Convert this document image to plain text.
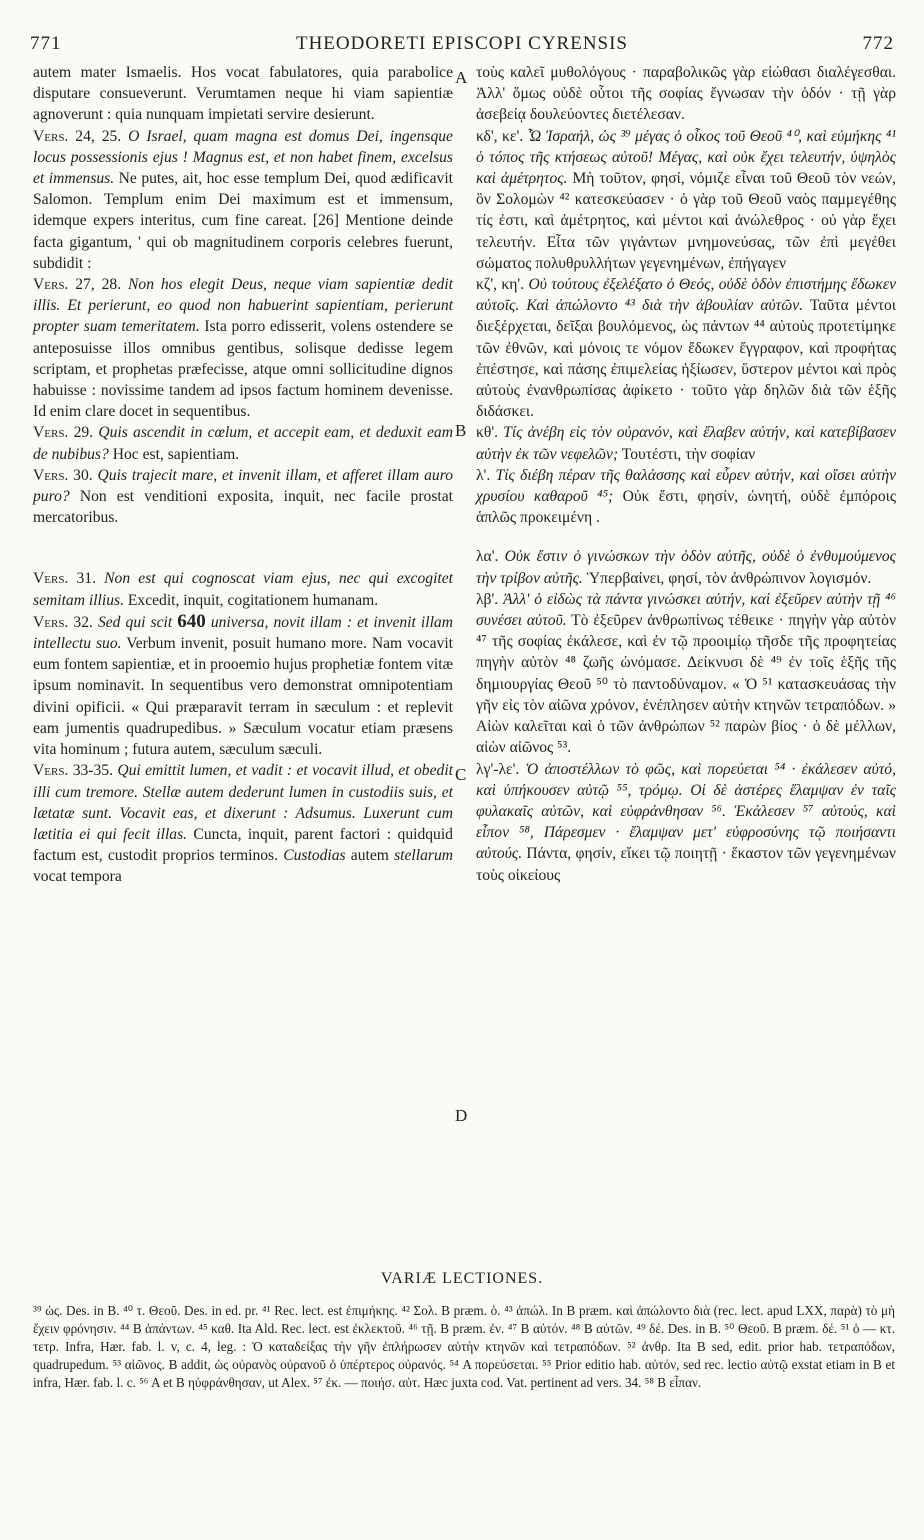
771	THEODORETI EPISCOPI CYRENSIS	772
A
B
C
D

autem mater Ismaelis. Hos vocat fabulatores, quia parabolice disputare consueverunt. Verumtamen neque hi viam sapientiæ agnoverunt : quia nunquam impietati servire desierunt.

Vers. 24, 25. O Israel, quam magna est domus Dei, ingensque locus possessionis ejus ! Magnus est, et non habet finem, excelsus et immensus. Ne putes, ait, hoc esse templum Dei, quod ædificavit Salomon. Templum enim Dei maximum est et immensum, idemque expers interitus, cum fine careat. [26] Mentione deinde facta gigantum, ' qui ob magnitudinem corporis celebres fuerunt, subdidit :

Vers. 27, 28. Non hos elegit Deus, neque viam sapientiæ dedit illis. Et perierunt, eo quod non habuerint sapientiam, perierunt propter suam temeritatem. Ista porro edisserit, volens ostendere se anteposuisse illos omnibus gentibus, solisque dedisse legem scriptam, et prophetas præfecisse, atque omni sollicitudine dignos habuisse : novissime tandem ad ipsos factum hominem devenisse. Id enim clare docet in sequentibus.

Vers. 29. Quis ascendit in cœlum, et accepit eam, et deduxit eam de nubibus? Hoc est, sapientiam.

Vers. 30. Quis trajecit mare, et invenit illam, et afferet illam auro puro? Non est venditioni exposita, inquit, nec facile prostat mercatoribus.

Vers. 31. Non est qui cognoscat viam ejus, nec qui excogitet semitam illius. Excedit, inquit, cogitationem humanam.

Vers. 32. Sed qui scit 640 universa, novit illam : et invenit illam intellectu suo. Verbum invenit, posuit humano more. Nam vocavit eum fontem sapientiæ, et in prooemio hujus prophetiæ fontem vitæ ipsum nominavit. In sequentibus vero demonstrat omnipotentiam divini opificii. « Qui præparavit terram in sæculum : et replevit eam jumentis quadrupedibus. » Sæculum vocatur etiam præsens vita hominum ; futura autem, sæculum sæculi.

Vers. 33-35. Qui emittit lumen, et vadit : et vocavit illud, et obedit illi cum tremore. Stellæ autem dederunt lumen in custodiis suis, et lætatæ sunt. Vocavit eas, et dixerunt : Adsumus. Luxerunt cum lætitia ei qui fecit illas. Cuncta, inquit, parent factori : quidquid factum est, custodit proprios terminos. Custodias autem stellarum vocat tempora

τοὺς καλεῖ μυθολόγους · παραβολικῶς γὰρ εἰώθασι διαλέγεσθαι. Ἀλλ' ὅμως οὐδὲ οὗτοι τῆς σοφίας ἔγνωσαν τὴν ὁδόν · τῇ γὰρ ἀσεβείᾳ δουλεύοντες διετέλεσαν.

κδ', κε'. Ὦ Ἰσραήλ, ὡς ³⁹ μέγας ὁ οἶκος τοῦ Θεοῦ ⁴⁰, καὶ εὐμήκης ⁴¹ ὁ τόπος τῆς κτήσεως αὐτοῦ! Μέγας, καὶ οὐκ ἔχει τελευτήν, ὑψηλὸς καὶ ἀμέτρητος. Μὴ τοῦτον, φησί, νόμιζε εἶναι τοῦ Θεοῦ τὸν νεών, ὃν Σολομὼν ⁴² κατεσκεύασεν · ὁ γὰρ τοῦ Θεοῦ ναὸς παμμεγέθης τίς ἐστι, καὶ ἀμέτρητος, καὶ μέντοι καὶ ἀνώλεθρος · οὐ γὰρ ἔχει τελευτήν. Εἶτα τῶν γιγάντων μνημονεύσας, τῶν ἐπὶ μεγέθει σώματος πολυθρυλλήτων γεγενημένων, ἐπήγαγεν

κζ', κη'. Οὐ τούτους ἐξελέξατο ὁ Θεός, οὐδὲ ὁδὸν ἐπιστήμης ἔδωκεν αὐτοῖς. Καὶ ἀπώλοντο ⁴³ διὰ τὴν ἀβουλίαν αὐτῶν. Ταῦτα μέντοι διεξέρχεται, δεῖξαι βουλόμενος, ὡς πάντων ⁴⁴ αὐτοὺς προτετίμηκε τῶν ἐθνῶν, καὶ μόνοις τε νόμον ἔδωκεν ἔγγραφον, καὶ προφήτας ἐπέστησε, καὶ πάσης ἐπιμελείας ἠξίωσεν, ὕστερον μέντοι καὶ πρὸς αὐτοὺς ἐνανθρωπίσας ἀφίκετο · τοῦτο γὰρ δηλῶν διὰ τῶν ἑξῆς διδάσκει.

κθ'. Τίς ἀνέβη εἰς τὸν οὐρανόν, καὶ ἔλαβεν αὐτήν, καὶ κατεβίβασεν αὐτὴν ἐκ τῶν νεφελῶν; Τουτέστι, τὴν σοφίαν

λ'. Τίς διέβη πέραν τῆς θαλάσσης καὶ εὗρεν αὐτήν, καὶ οἴσει αὐτὴν χρυσίου καθαροῦ ⁴⁵; Οὐκ ἔστι, φησίν, ὠνητή, οὐδὲ ἐμπόροις ἁπλῶς προκειμένη .

λα'. Οὐκ ἔστιν ὁ γινώσκων τὴν ὁδὸν αὐτῆς, οὐδὲ ὁ ἐνθυμούμενος τὴν τρίβον αὐτῆς. Ὑπερβαίνει, φησί, τὸν ἀνθρώπινον λογισμόν.

λβ'. Ἀλλ' ὁ εἰδὼς τὰ πάντα γινώσκει αὐτήν, καὶ ἐξεῦρεν αὐτὴν τῇ ⁴⁶ συνέσει αὐτοῦ. Τὸ ἐξεῦρεν ἀνθρωπίνως τέθεικε · πηγὴν γὰρ αὐτὸν ⁴⁷ τῆς σοφίας ἐκάλεσε, καὶ ἐν τῷ προοιμίῳ τῆσδε τῆς προφητείας πηγὴν αὐτὸν ⁴⁸ ζωῆς ὠνόμασε. Δείκνυσι δὲ ⁴⁹ ἐν τοῖς ἑξῆς τῆς δημιουργίας Θεοῦ ⁵⁰ τὸ παντοδύναμον. « Ὁ ⁵¹ κατασκευάσας τὴν γῆν εἰς τὸν αἰῶνα χρόνον, ἐνέπλησεν αὐτὴν κτηνῶν τετραπόδων. » Αἰὼν καλεῖται καὶ ὁ τῶν ἀνθρώπων ⁵² παρὼν βίος · ὁ δὲ μέλλων, αἰὼν αἰῶνος ⁵³.

λγ'-λε'. Ὁ ἀποστέλλων τὸ φῶς, καὶ πορεύεται ⁵⁴ · ἐκάλεσεν αὐτό, καὶ ὑπήκουσεν αὐτῷ ⁵⁵, τρόμῳ. Οἱ δὲ ἀστέρες ἔλαμψαν ἐν ταῖς φυλακαῖς αὐτῶν, καὶ εὐφράνθησαν ⁵⁶. Ἐκάλεσεν ⁵⁷ αὐτούς, καὶ εἶπον ⁵⁸, Πάρεσμεν · ἔλαμψαν μετ' εὐφροσύνης τῷ ποιήσαντι αὐτούς. Πάντα, φησίν, εἴκει τῷ ποιητῇ · ἕκαστον τῶν γεγενημένων τοὺς οἰκείους

VARIÆ LECTIONES.
³⁹ ὡς. Des. in B. ⁴⁰ τ. Θεοῦ. Des. in ed. pr. ⁴¹ Rec. lect. est ἐπιμήκης. ⁴² Σολ. B præm. ὁ. ⁴³ ἀπώλ. In B præm. καὶ ἀπώλοντο διὰ (rec. lect. apud LXX, παρὰ) τὸ μὴ ἔχειν φρόνησιν. ⁴⁴ B ἁπάντων. ⁴⁵ καθ. Ita Ald. Rec. lect. est ἐκλεκτοῦ. ⁴⁶ τῇ. B præm. ἐν. ⁴⁷ B αὐτόν. ⁴⁸ B αὐτῶν. ⁴⁹ δέ. Des. in B. ⁵⁰ Θεοῦ. B præm. δέ. ⁵¹ ὁ — κτ. τετρ. Infra, Hær. fab. l. v, c. 4, leg. : Ὁ καταδείξας τὴν γῆν ἐπλήρωσεν αὐτὴν κτηνῶν καὶ τετραπόδων. ⁵² ἀνθρ. Ita B sed, edit. prior hab. τετραπόδων, quadrupedum. ⁵³ αἰῶνος. B addit, ὡς οὐρανὸς οὐρανοῦ ὁ ὑπέρτερος οὐρανός. ⁵⁴ A πορεύσεται. ⁵⁵ Prior editio hab. αὐτόν, sed rec. lectio αὐτῷ exstat etiam in B et infra, Hær. fab. l. c. ⁵⁶ A et B ηὐφράνθησαν, ut Alex. ⁵⁷ ἐκ. — ποιήσ. αὐτ. Hæc juxta cod. Vat. pertinent ad vers. 34. ⁵⁸ B εἶπαν.
